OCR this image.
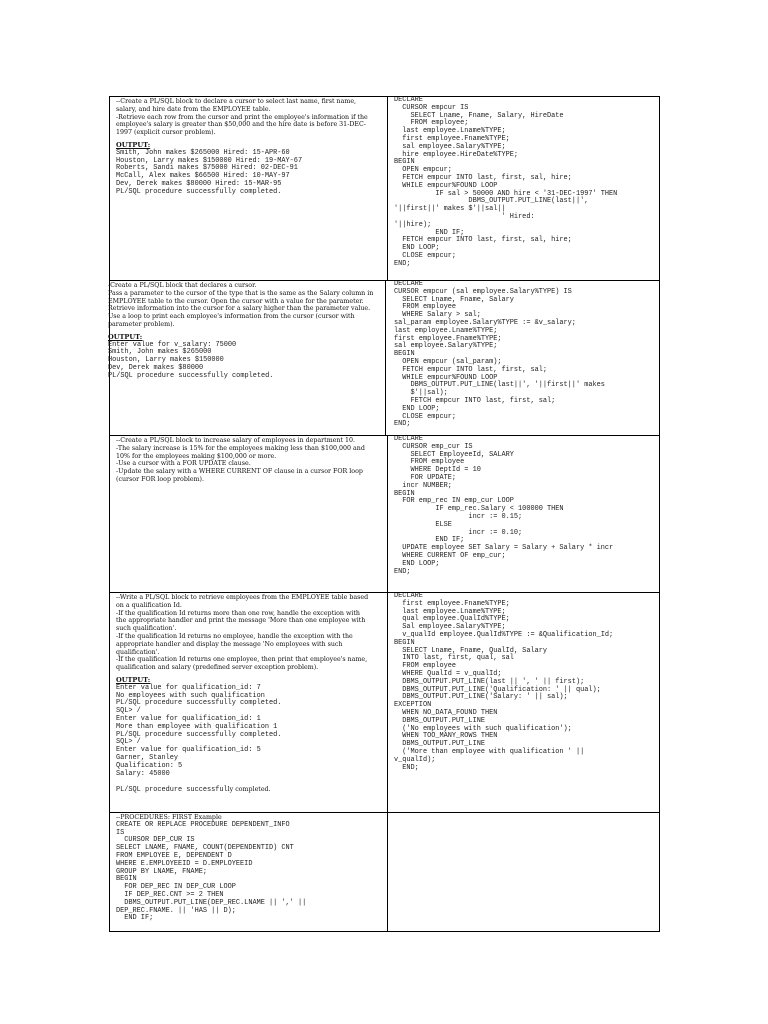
--Create a PL/SQL block to declare a cursor to select last name, first name,
salary, and hire date from the EMPLOYEE table.
-Retrieve each row from the cursor and print the employee's information if the
employee's salary is greater than $50,000 and the hire date is before 31-DEC-
1997 (explicit cursor problem).
OUTPUT:
Smith, John makes $265000 Hired: 15-APR-60
Houston, Larry makes $150000 Hired: 19-MAY-67
Roberts, Sandi makes $75000 Hired: 02-DEC-91
McCall, Alex makes $66500 Hired: 10-MAY-97
Dev, Derek makes $80000 Hired: 15-MAR-95
PL/SQL procedure successfully completed.
DECLARE
CURSOR empcur IS
SELECT Lname, Fname, Salary, HireDate
FROM employee;
last employee.Lname%TYPE;
first employee.Fname%TYPE;
sal employee.Salary%TYPE;
hire employee.HireDate%TYPE;
BEGIN
OPEN empcur;
FETCH empcur INTO last, first, sal, hire;
WHILE empcur%FOUND LOOP
IF sal > 50000 AND hire < '31-DEC-1997' THEN
DBMS_OUTPUT.PUT_LINE(last||',
'||first||' makes $'||sal||
' Hired:
'||hire);
END IF;
FETCH empcur INTO last, first, sal, hire;
END LOOP;
CLOSE empcur;
END;
-Create a PL/SQL block that declares a cursor.
Pass a parameter to the cursor of the type that is the same as the Salary column in
EMPLOYEE table to the cursor. Open the cursor with a value for the parameter.
Retrieve information into the cursor for a salary higher than the parameter value.
Use a loop to print each employee's information from the cursor (cursor with
parameter problem).
OUTPUT:
Enter value for v_salary: 75000
Smith, John makes $265000
Houston, Larry makes $150000
Dev, Derek makes $80000
PL/SQL procedure successfully completed.
DECLARE
CURSOR empcur (sal employee.Salary%TYPE) IS
SELECT Lname, Fname, Salary
FROM employee
WHERE Salary > sal;
sal_param employee.Salary%TYPE := &v_salary;
last employee.Lname%TYPE;
first employee.Fname%TYPE;
sal employee.Salary%TYPE;
BEGIN
OPEN empcur (sal_param);
FETCH empcur INTO last, first, sal;
WHILE empcur%FOUND LOOP
DBMS_OUTPUT.PUT_LINE(last||', '||first||' makes
$'||sal);
FETCH empcur INTO last, first, sal;
END LOOP;
CLOSE empcur;
END;
--Create a PL/SQL block to increase salary of employees in department 10.
-The salary increase is 15% for the employees making less than $100,000 and
10% for the employees making $100,000 or more.
-Use a cursor with a FOR UPDATE clause.
-Update the salary with a WHERE CURRENT OF clause in a cursor FOR loop
(cursor FOR loop problem).
DECLARE
CURSOR emp_cur IS
SELECT EmployeeId, SALARY
FROM employee
WHERE DeptId = 10
FOR UPDATE;
incr NUMBER;
BEGIN
FOR emp_rec IN emp_cur LOOP
IF emp_rec.Salary < 100000 THEN
incr := 0.15;
ELSE
incr := 0.10;
END IF;
UPDATE employee SET Salary = Salary + Salary * incr
WHERE CURRENT OF emp_cur;
END LOOP;
END;
--Write a PL/SQL block to retrieve employees from the EMPLOYEE table based
on a qualification Id.
-If the qualification Id returns more than one row, handle the exception with
the appropriate handler and print the message 'More than one employee with
such qualification'.
-If the qualification Id returns no employee, handle the exception with the
appropriate handler and display the message 'No employees with such
qualification'.
-If the qualification Id returns one employee, then print that employee's name,
qualification and salary (predefined server exception problem).
OUTPUT:
Enter value for qualification_id: 7
No employees with such qualification
PL/SQL procedure successfully completed.
SQL> /
Enter value for qualification_id: 1
More than employee with qualification 1
PL/SQL procedure successfully completed.
SQL> /
Enter value for qualification_id: 5
Garner, Stanley
Qualification: 5
Salary: 45000
PL/SQL procedure successfully completed.
DECLARE
first employee.Fname%TYPE;
last employee.Lname%TYPE;
qual employee.QualId%TYPE;
Sal employee.Salary%TYPE;
v_qualId employee.QualId%TYPE := &Qualification_Id;
BEGIN
SELECT Lname, Fname, QualId, Salary
INTO last, first, qual, sal
FROM employee
WHERE QualId = v_qualId;
DBMS_OUTPUT.PUT_LINE(last || ', ' || first);
DBMS_OUTPUT.PUT_LINE('Qualification: ' || qual);
DBMS_OUTPUT.PUT_LINE('Salary: ' || sal);
EXCEPTION
WHEN NO_DATA_FOUND THEN
DBMS_OUTPUT.PUT_LINE
('No employees with such qualification');
WHEN TOO_MANY_ROWS THEN
DBMS_OUTPUT.PUT_LINE
('More than employee with qualification ' ||
v_qualId);
END;
--PROCEDURES: FIRST Example
CREATE OR REPLACE PROCEDURE DEPENDENT_INFO
IS
CURSOR DEP_CUR IS
SELECT LNAME, FNAME, COUNT(DEPENDENTID) CNT
FROM EMPLOYEE E, DEPENDENT D
WHERE E.EMPLOYEEID = D.EMPLOYEEID
GROUP BY LNAME, FNAME;
BEGIN
FOR DEP_REC IN DEP_CUR LOOP
IF DEP_REC.CNT >= 2 THEN
DBMS_OUTPUT.PUT_LINE(DEP_REC.LNAME || ',' ||
DEP_REC.FNAME. || 'HAS || D);
END IF;
